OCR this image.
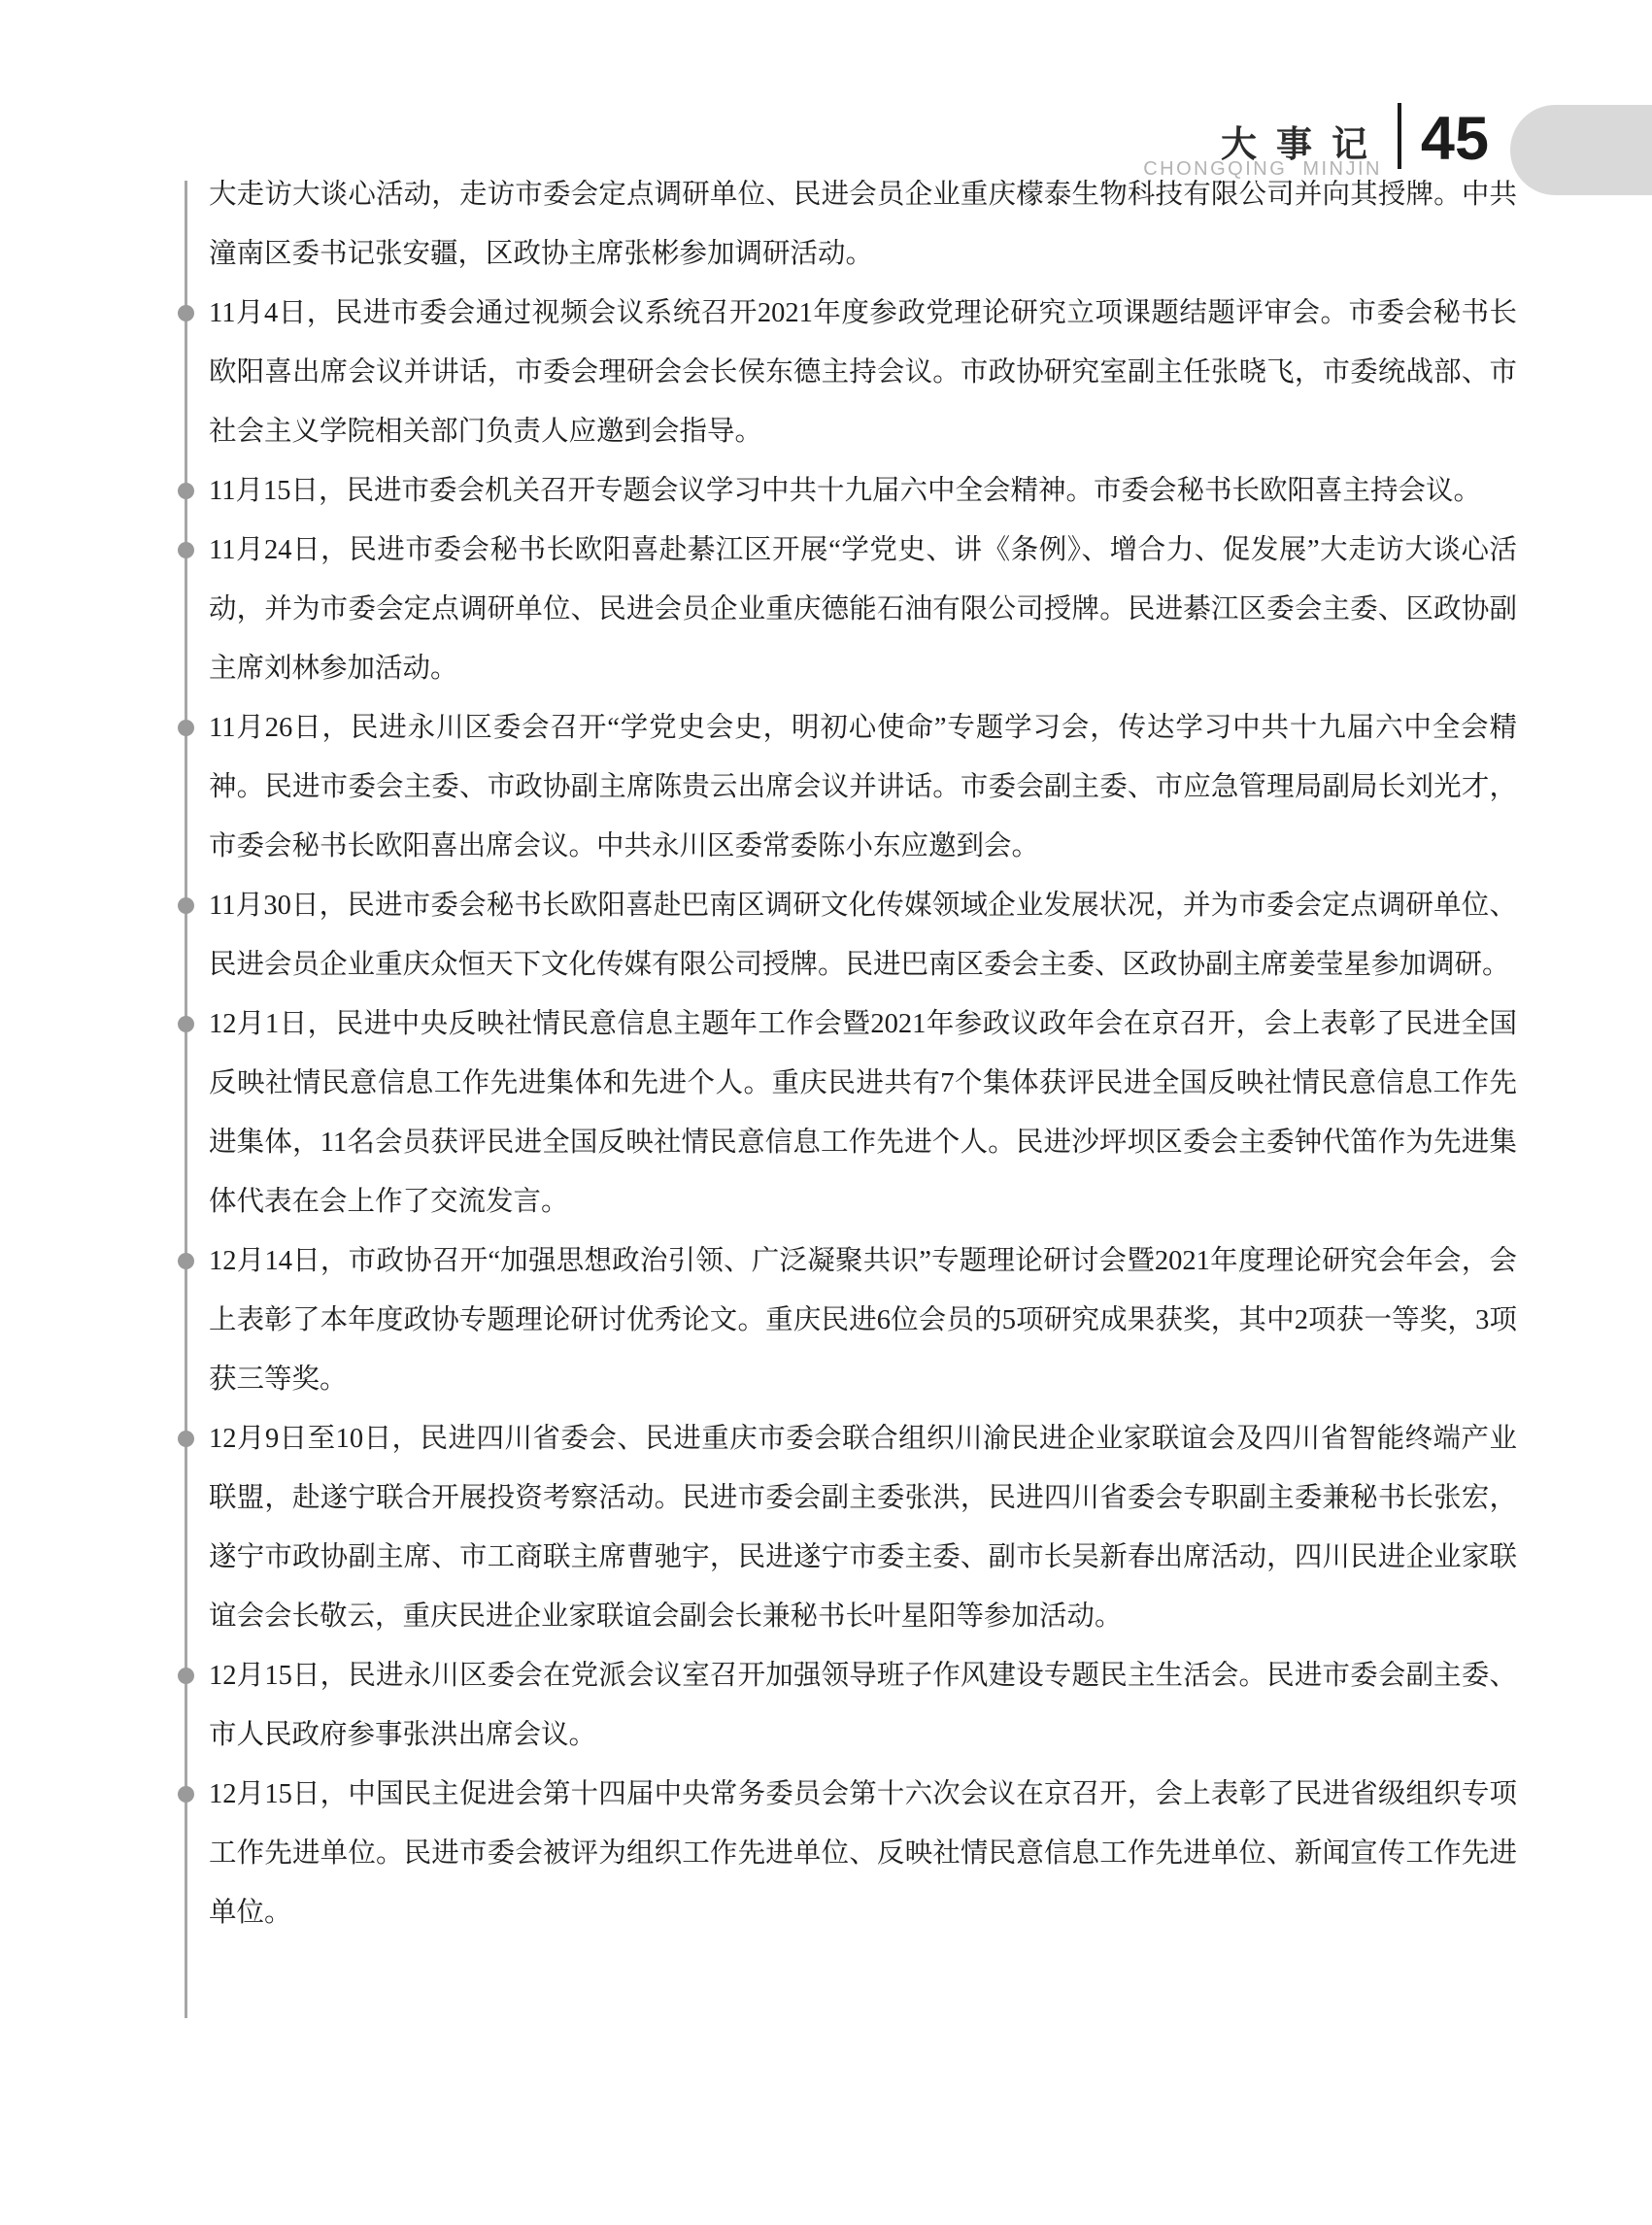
大事记
CHONGQING MINJIN 45

大走访大谈心活动，走访市委会定点调研单位、民进会员企业重庆檬泰生物科技有限公司并向其授牌。中共潼南区委书记张安疆，区政协主席张彬参加调研活动。

11月4日，民进市委会通过视频会议系统召开2021年度参政党理论研究立项课题结题评审会。市委会秘书长欧阳喜出席会议并讲话，市委会理研会会长侯东德主持会议。市政协研究室副主任张晓飞，市委统战部、市社会主义学院相关部门负责人应邀到会指导。

11月15日，民进市委会机关召开专题会议学习中共十九届六中全会精神。市委会秘书长欧阳喜主持会议。

11月24日，民进市委会秘书长欧阳喜赴綦江区开展“学党史、讲《条例》、增合力、促发展”大走访大谈心活动，并为市委会定点调研单位、民进会员企业重庆德能石油有限公司授牌。民进綦江区委会主委、区政协副主席刘林参加活动。

11月26日，民进永川区委会召开“学党史会史，明初心使命”专题学习会，传达学习中共十九届六中全会精神。民进市委会主委、市政协副主席陈贵云出席会议并讲话。市委会副主委、市应急管理局副局长刘光才，市委会秘书长欧阳喜出席会议。中共永川区委常委陈小东应邀到会。

11月30日，民进市委会秘书长欧阳喜赴巴南区调研文化传媒领域企业发展状况，并为市委会定点调研单位、民进会员企业重庆众恒天下文化传媒有限公司授牌。民进巴南区委会主委、区政协副主席姜莹星参加调研。

12月1日，民进中央反映社情民意信息主题年工作会暨2021年参政议政年会在京召开，会上表彰了民进全国反映社情民意信息工作先进集体和先进个人。重庆民进共有7个集体获评民进全国反映社情民意信息工作先进集体，11名会员获评民进全国反映社情民意信息工作先进个人。民进沙坪坝区委会主委钟代笛作为先进集体代表在会上作了交流发言。

12月14日，市政协召开“加强思想政治引领、广泛凝聚共识”专题理论研讨会暨2021年度理论研究会年会，会上表彰了本年度政协专题理论研讨优秀论文。重庆民进6位会员的5项研究成果获奖，其中2项获一等奖，3项获三等奖。

12月9日至10日，民进四川省委会、民进重庆市委会联合组织川渝民进企业家联谊会及四川省智能终端产业联盟，赴遂宁联合开展投资考察活动。民进市委会副主委张洪，民进四川省委会专职副主委兼秘书长张宏，遂宁市政协副主席、市工商联主席曹驰宇，民进遂宁市委主委、副市长吴新春出席活动，四川民进企业家联谊会会长敬云，重庆民进企业家联谊会副会长兼秘书长叶星阳等参加活动。

12月15日，民进永川区委会在党派会议室召开加强领导班子作风建设专题民主生活会。民进市委会副主委、市人民政府参事张洪出席会议。

12月15日，中国民主促进会第十四届中央常务委员会第十六次会议在京召开，会上表彰了民进省级组织专项工作先进单位。民进市委会被评为组织工作先进单位、反映社情民意信息工作先进单位、新闻宣传工作先进单位。
